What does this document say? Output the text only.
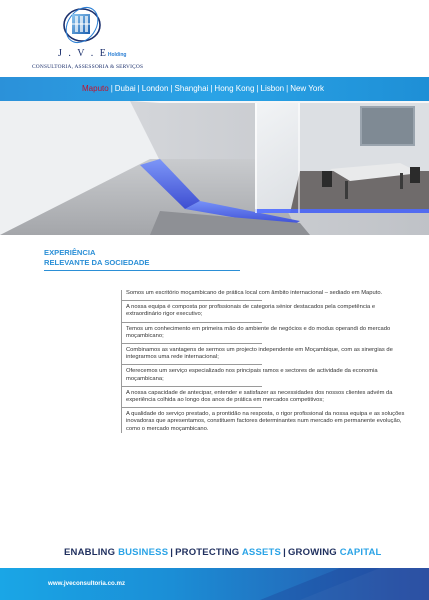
J . V . EHolding
CONSULTORIA, ASSESSORIA & SERVIÇOS
Maputo | Dubai | London | Shanghai | Hong Kong | Lisbon | New York
EXPERIÊNCIA
RELEVANTE DA SOCIEDADE

Somos um escritório moçambicano de prática local com âmbito internacional – sediado em Maputo.

A nossa equipa é composta por profissionais de categoria sénior destacados pela competência e extraordinário rigor executivo;

Temos um conhecimento em primeira mão do ambiente de negócios e do modus operandi do mercado moçambicano;

Combinamos as vantagens de sermos um projecto independente em Moçambique, com as sinergias de integrarmos uma rede internacional;

Oferecemos um serviço especializado nos principais ramos e sectores de actividade da economia moçambicana;

A nossa capacidade de antecipar, entender e satisfazer as necessidades dos nossos clientes advém da experiência colhida ao longo dos anos de prática em mercados competitivos;

A qualidade do serviço prestado, a prontidão na resposta, o rigor profissional da nossa equipa e as soluções inovadoras que apresentamos, constituem factores determinantes num mercado em permanente evolução, como o mercado moçambicano.

ENABLING BUSINESS | PROTECTING ASSETS | GROWING CAPITAL
www.jveconsultoria.co.mz
